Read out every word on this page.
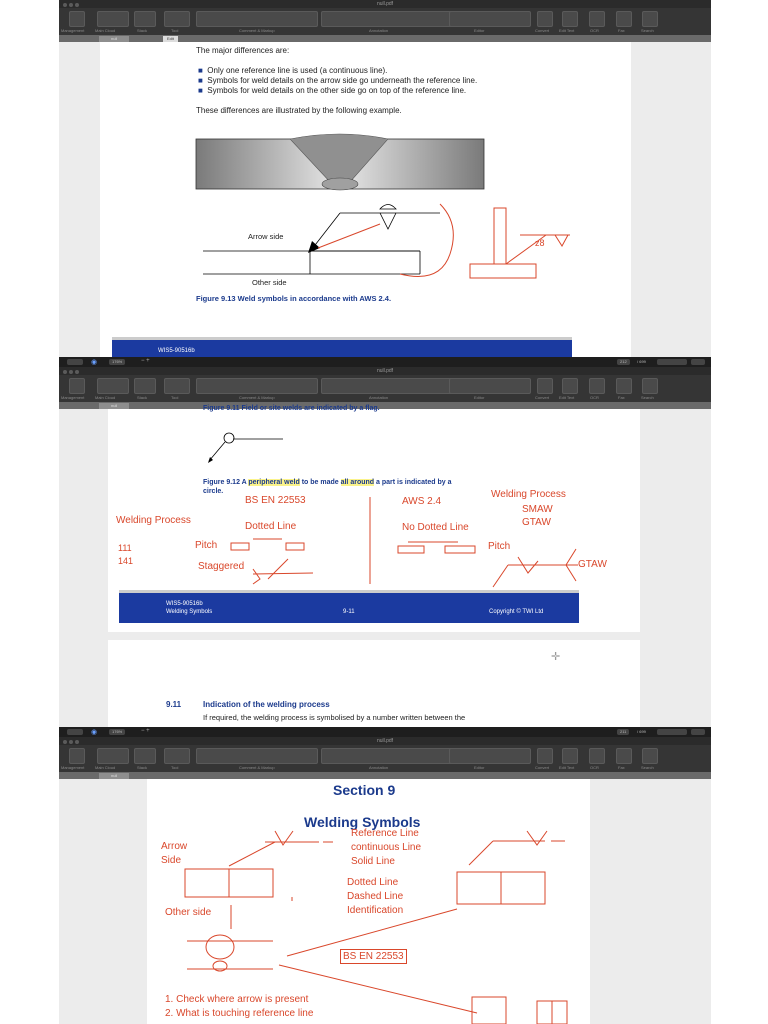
null.pdf
Management	Main Cloud	Stack	Tool	Comment & Markup	Annotation	Editor	Convert Edit Text	OCR	Fax	Search
null	Edit
The major differences are:
■ Only one reference line is used (a continuous line).
■ Symbols for weld details on the arrow side go underneath the reference line.
■ Symbols for weld details on the other side go on top of the reference line.
These differences are illustrated by the following example.
Arrow side
Other side
z8
Figure 9.13 Weld symbols in accordance with AWS 2.4.
WIS5-90516b
◉	176%	− +	212	/ 699
null.pdf
Management	Main Cloud	Stack	Tool	Comment & Markup	Annotation	Editor	Convert Edit Text	OCR	Fax	Search
null	Figure 9.11 Field or site welds are indicated by a flag.
Figure 9.12 A peripheral weld to be made all around a part is indicated by a
circle.
BS EN 22553	AWS 2.4
Welding Process
SMAW
GTAW
Welding Process
Dotted Line	No Dotted Line
111
141
Pitch	Pitch
Staggered	GTAW
WIS5-90516b
Welding Symbols	9-11	Copyright © TWI Ltd
✛
9.11	Indication of the welding process
If required, the welding process is symbolised by a number written between the
◉	176%	− +	211	/ 699
null.pdf
Management	Main Cloud	Stack	Tool	Comment & Markup	Annotation	Editor	Convert Edit Text	OCR	Fax	Search
null
Section 9
Welding Symbols
Arrow
Side
Reference Line
continuous Line
Solid Line
Dotted Line
Dashed Line
Identification
Other side
BS EN 22553
1. Check where arrow is present
2. What is touching reference line
